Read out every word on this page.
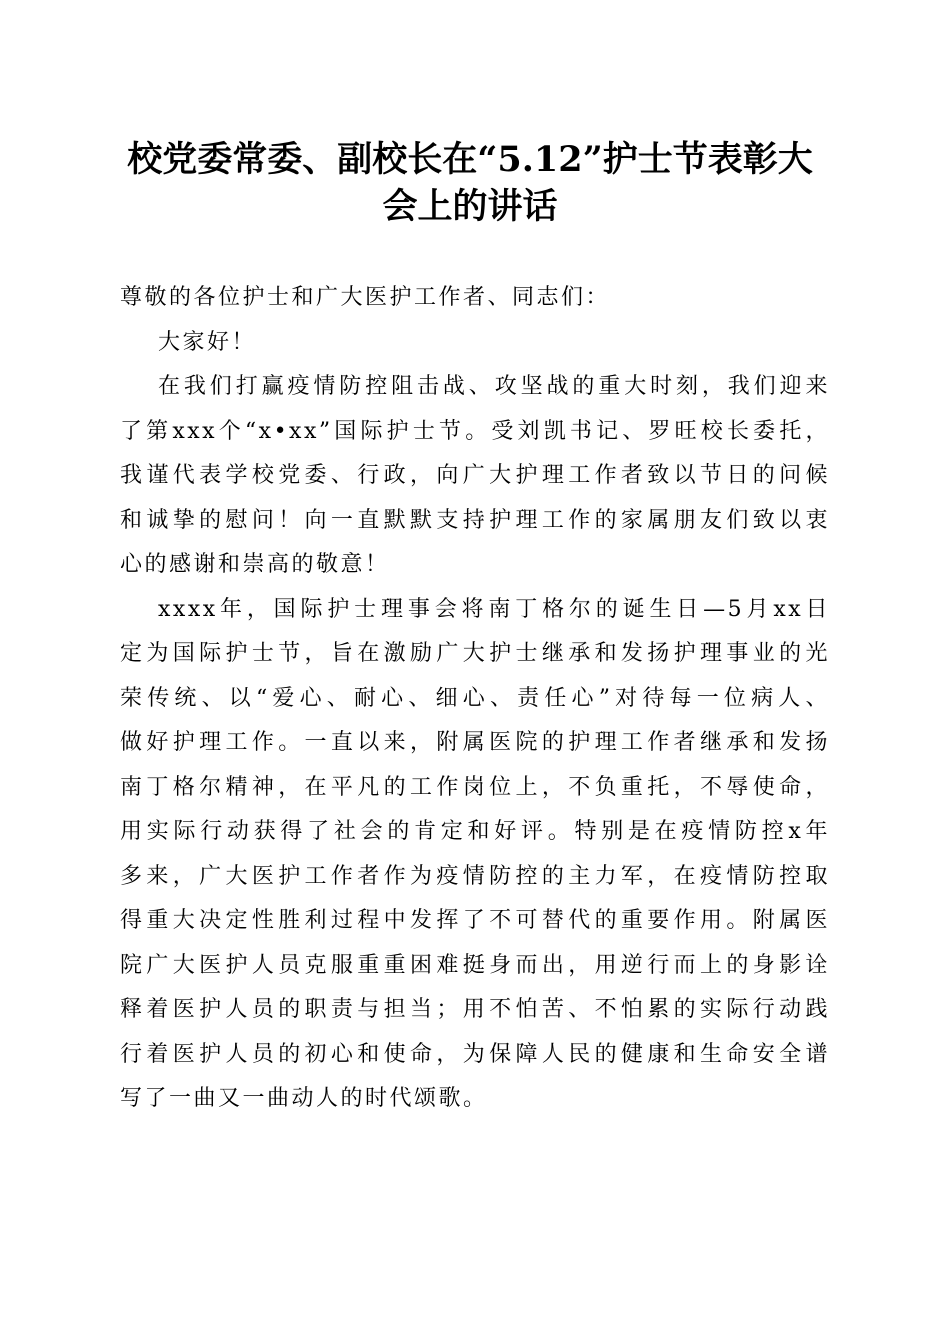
校党委常委、副校长在“5.12”护士节表彰大
会上的讲话
尊敬的各位护士和广大医护工作者、同志们：
大家好！
在我们打赢疫情防控阻击战、攻坚战的重大时刻，我们迎来
了第xxx个“x•xx”国际护士节。受刘凯书记、罗旺校长委托，
我谨代表学校党委、行政，向广大护理工作者致以节日的问候
和诚挚的慰问！向一直默默支持护理工作的家属朋友们致以衷
心的感谢和崇高的敬意！
xxxx年，国际护士理事会将南丁格尔的诞生日—5月xx日
定为国际护士节，旨在激励广大护士继承和发扬护理事业的光
荣传统、以“爱心、耐心、细心、责任心”对待每一位病人、
做好护理工作。一直以来，附属医院的护理工作者继承和发扬
南丁格尔精神，在平凡的工作岗位上，不负重托，不辱使命，
用实际行动获得了社会的肯定和好评。特别是在疫情防控x年
多来，广大医护工作者作为疫情防控的主力军，在疫情防控取
得重大决定性胜利过程中发挥了不可替代的重要作用。附属医
院广大医护人员克服重重困难挺身而出，用逆行而上的身影诠
释着医护人员的职责与担当；用不怕苦、不怕累的实际行动践
行着医护人员的初心和使命，为保障人民的健康和生命安全谱
写了一曲又一曲动人的时代颂歌。
